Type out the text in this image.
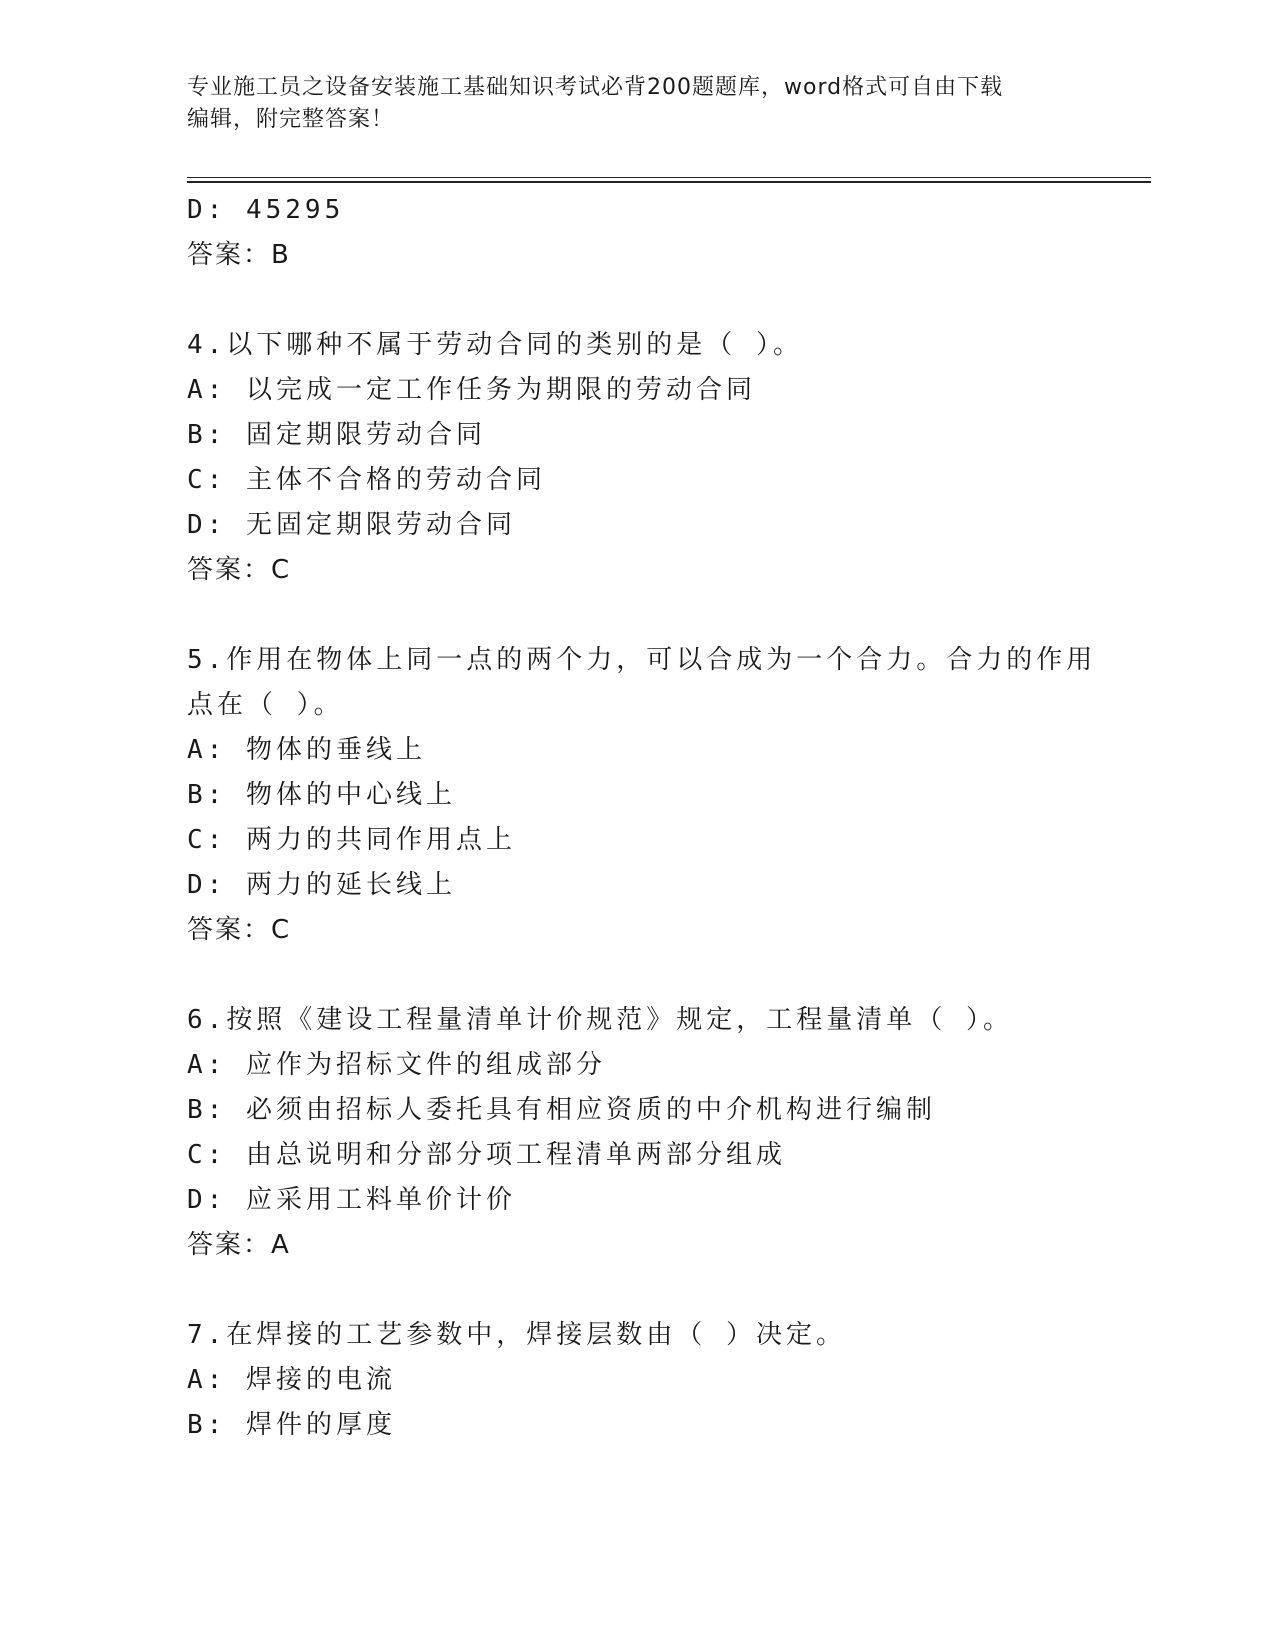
专业施工员之设备安装施工基础知识考试必背200题题库，word格式可自由下载
编辑，附完整答案！
D: 45295
答案：B
4.以下哪种不属于劳动合同的类别的是（ ）。
A: 以完成一定工作任务为期限的劳动合同
B: 固定期限劳动合同
C: 主体不合格的劳动合同
D: 无固定期限劳动合同
答案：C
5.作用在物体上同一点的两个力，可以合成为一个合力。合力的作用
点在（ ）。
A: 物体的垂线上
B: 物体的中心线上
C: 两力的共同作用点上
D: 两力的延长线上
答案：C
6.按照《建设工程量清单计价规范》规定，工程量清单（ ）。
A: 应作为招标文件的组成部分
B: 必须由招标人委托具有相应资质的中介机构进行编制
C: 由总说明和分部分项工程清单两部分组成
D: 应采用工料单价计价
答案：A
7.在焊接的工艺参数中，焊接层数由（ ）决定。
A: 焊接的电流
B: 焊件的厚度
